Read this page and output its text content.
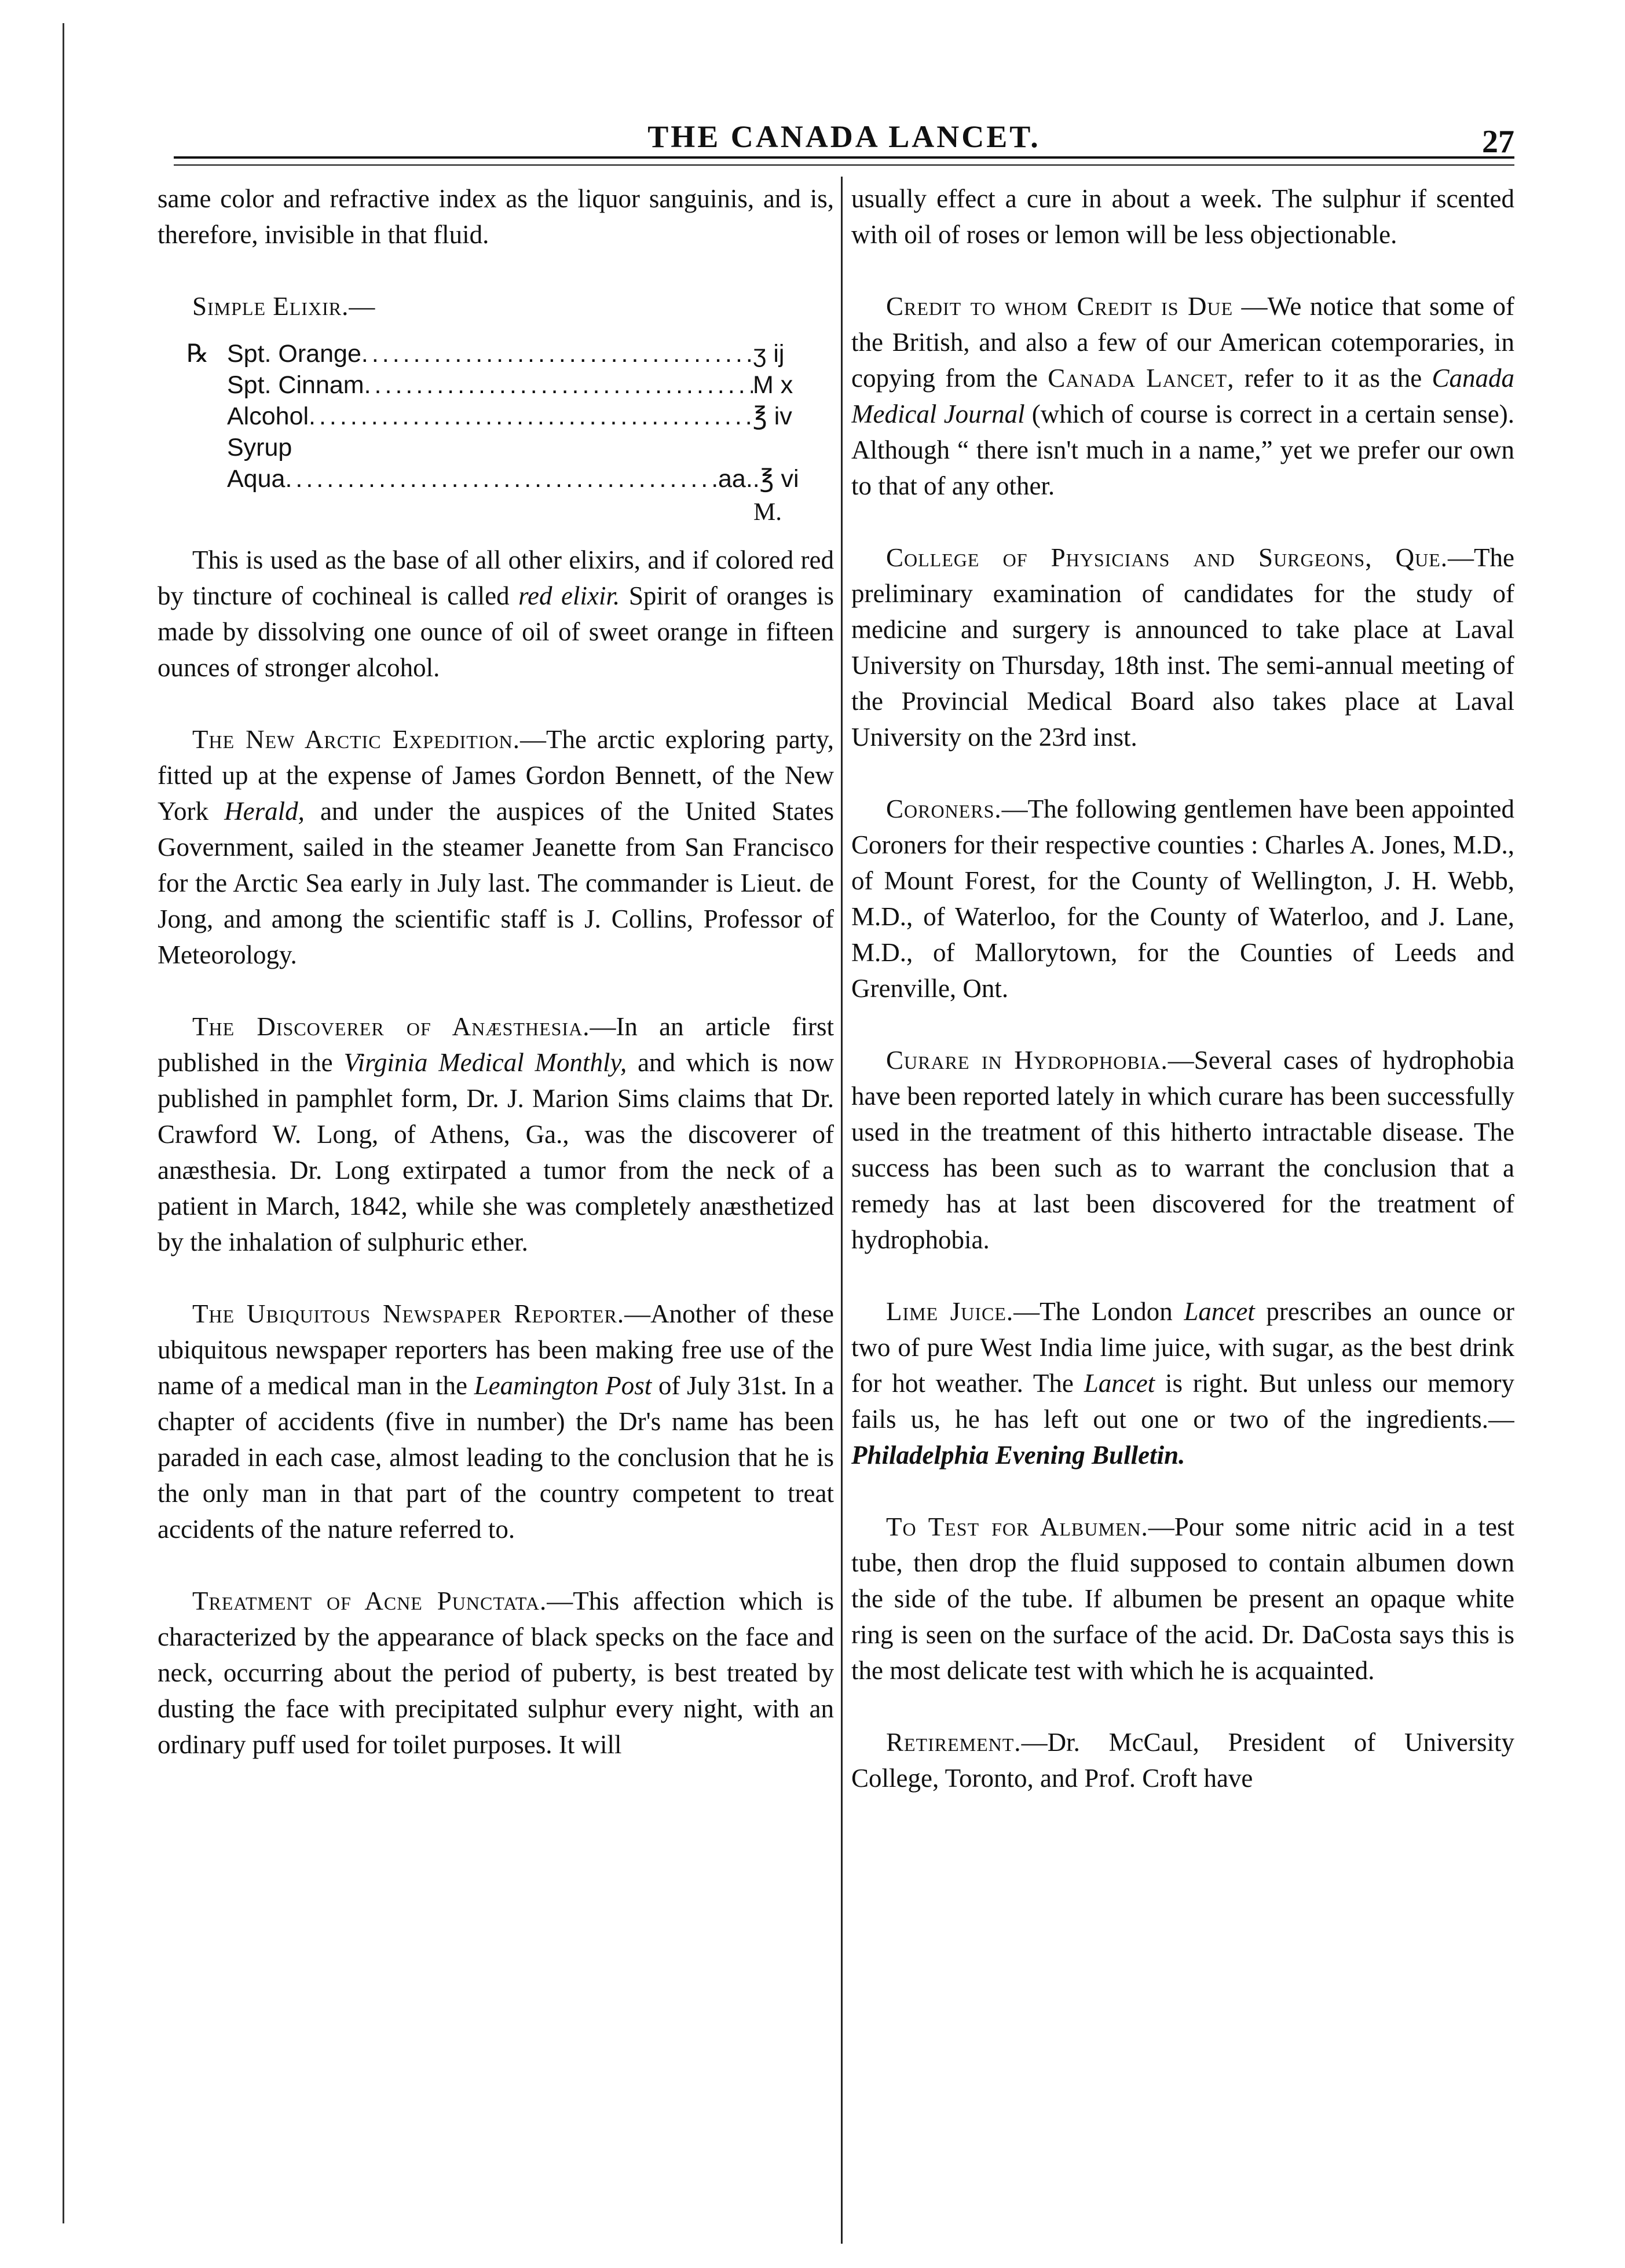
THE CANADA LANCET.	27

same color and refractive index as the liquor sanguinis, and is, therefore, invisible in that fluid.

Simple Elixir.—
℞ Spt. Orange .....	ʒ ij
Spt. Cinnam .....	M x
Alcohol .....	℥ iv
Syrup
Aqua .....	aa..℥ vi
M.

This is used as the base of all other elixirs, and if colored red by tincture of cochineal is called red elixir. Spirit of oranges is made by dissolving one ounce of oil of sweet orange in fifteen ounces of stronger alcohol.

The New Arctic Expedition.—The arctic exploring party, fitted up at the expense of James Gordon Bennett, of the New York Herald, and under the auspices of the United States Government, sailed in the steamer Jeanette from San Francisco for the Arctic Sea early in July last. The commander is Lieut. de Jong, and among the scientific staff is J. Collins, Professor of Meteorology.

The Discoverer of Anæsthesia.—In an article first published in the Virginia Medical Monthly, and which is now published in pamphlet form, Dr. J. Marion Sims claims that Dr. Crawford W. Long, of Athens, Ga., was the discoverer of anæsthesia. Dr. Long extirpated a tumor from the neck of a patient in March, 1842, while she was completely anæsthetized by the inhalation of sulphuric ether.

The Ubiquitous Newspaper Reporter.—Another of these ubiquitous newspaper reporters has been making free use of the name of a medical man in the Leamington Post of July 31st. In a chapter of accidents (five in number) the Dr's name has been paraded in each case, almost leading to the conclusion that he is the only man in that part of the country competent to treat accidents of the nature referred to.

Treatment of Acne Punctata.—This affection which is characterized by the appearance of black specks on the face and neck, occurring about the period of puberty, is best treated by dusting the face with precipitated sulphur every night, with an ordinary puff used for toilet purposes. It will

usually effect a cure in about a week. The sulphur if scented with oil of roses or lemon will be less objectionable.

Credit to whom Credit is Due —We notice that some of the British, and also a few of our American cotemporaries, in copying from the Canada Lancet, refer to it as the Canada Medical Journal (which of course is correct in a certain sense). Although “ there isn't much in a name,” yet we prefer our own to that of any other.

College of Physicians and Surgeons, Que.—The preliminary examination of candidates for the study of medicine and surgery is announced to take place at Laval University on Thursday, 18th inst. The semi-annual meeting of the Provincial Medical Board also takes place at Laval University on the 23rd inst.

Coroners.—The following gentlemen have been appointed Coroners for their respective counties : Charles A. Jones, M.D., of Mount Forest, for the County of Wellington, J. H. Webb, M.D., of Waterloo, for the County of Waterloo, and J. Lane, M.D., of Mallorytown, for the Counties of Leeds and Grenville, Ont.

Curare in Hydrophobia.—Several cases of hydrophobia have been reported lately in which curare has been successfully used in the treatment of this hitherto intractable disease. The success has been such as to warrant the conclusion that a remedy has at last been discovered for the treatment of hydrophobia.

Lime Juice.—The London Lancet prescribes an ounce or two of pure West India lime juice, with sugar, as the best drink for hot weather. The Lancet is right. But unless our memory fails us, he has left out one or two of the ingredients.—Philadelphia Evening Bulletin.

To Test for Albumen.—Pour some nitric acid in a test tube, then drop the fluid supposed to contain albumen down the side of the tube. If albumen be present an opaque white ring is seen on the surface of the acid. Dr. DaCosta says this is the most delicate test with which he is acquainted.

Retirement.—Dr. McCaul, President of University College, Toronto, and Prof. Croft have
